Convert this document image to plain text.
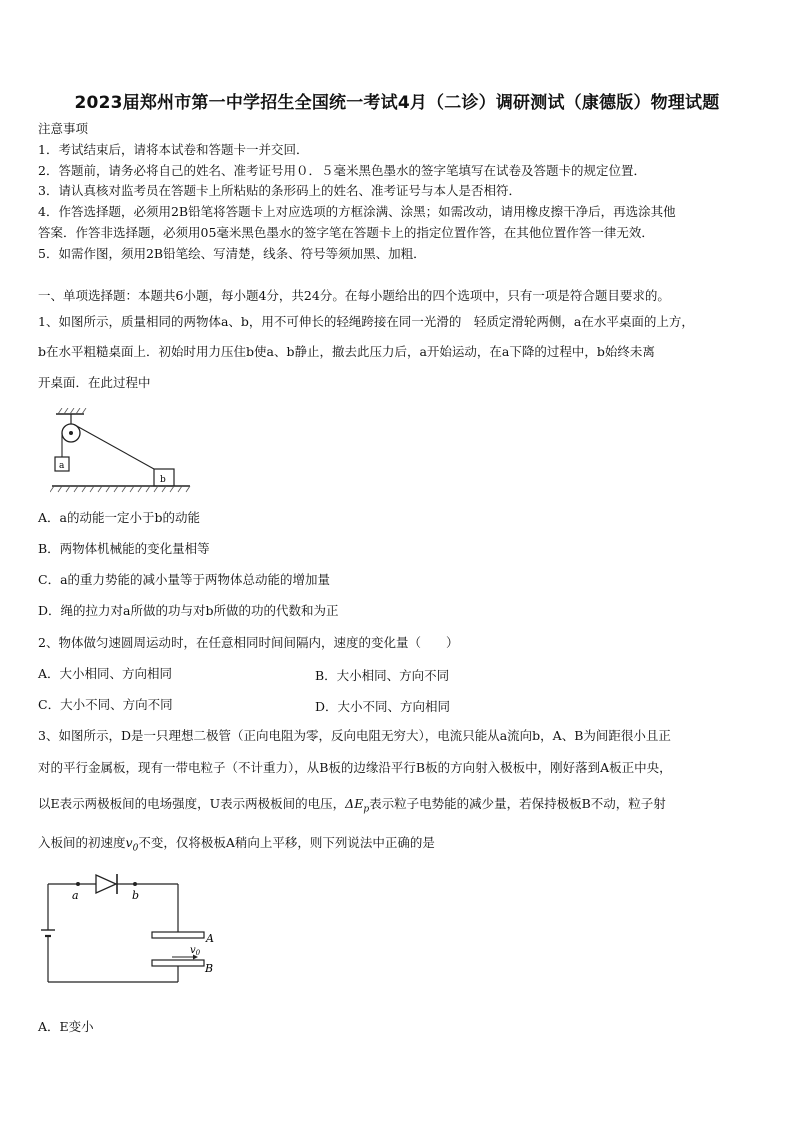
2023届郑州市第一中学招生全国统一考试4月（二诊）调研测试（康德版）物理试题
注意事项
1．考试结束后，请将本试卷和答题卡一并交回．
2．答题前，请务必将自己的姓名、准考证号用０．５毫米黑色墨水的签字笔填写在试卷及答题卡的规定位置．
3．请认真核对监考员在答题卡上所粘贴的条形码上的姓名、准考证号与本人是否相符．
4．作答选择题，必须用2B铅笔将答题卡上对应选项的方框涂满、涂黑；如需改动，请用橡皮擦干净后，再选涂其他
答案．作答非选择题，必须用05毫米黑色墨水的签字笔在答题卡上的指定位置作答，在其他位置作答一律无效．
5．如需作图，须用2B铅笔绘、写清楚，线条、符号等须加黑、加粗．
一、单项选择题：本题共6小题，每小题4分，共24分。在每小题给出的四个选项中，只有一项是符合题目要求的。
1、如图所示，质量相同的两物体a、b，用不可伸长的轻绳跨接在同一光滑的　轻质定滑轮两侧，a在水平桌面的上方，
b在水平粗糙桌面上．初始时用力压住b使a、b静止，撤去此压力后，a开始运动，在a下降的过程中，b始终未离
开桌面．在此过程中
a
b
A．a的动能一定小于b的动能
B．两物体机械能的变化量相等
C．a的重力势能的减小量等于两物体总动能的增加量
D．绳的拉力对a所做的功与对b所做的功的代数和为正
2、物体做匀速圆周运动时，在任意相同时间间隔内，速度的变化量（　　）
A．大小相同、方向相同	B．大小相同、方向不同
C．大小不同、方向不同	D．大小不同、方向相同
3、如图所示，D是一只理想二极管（正向电阻为零，反向电阻无穷大），电流只能从a流向b，A、B为间距很小且正
对的平行金属板，现有一带电粒子（不计重力），从B板的边缘沿平行B板的方向射入极板中，刚好落到A板正中央，
以E表示两极板间的电场强度，U表示两极板间的电压，$\Delta E_p$表示粒子电势能的减少量，若保持极板B不动，粒子射
入板间的初速度$v_0$不变，仅将极板A稍向上平移，则下列说法中正确的是
a	b
A
B
$v_0$
A．E变小
